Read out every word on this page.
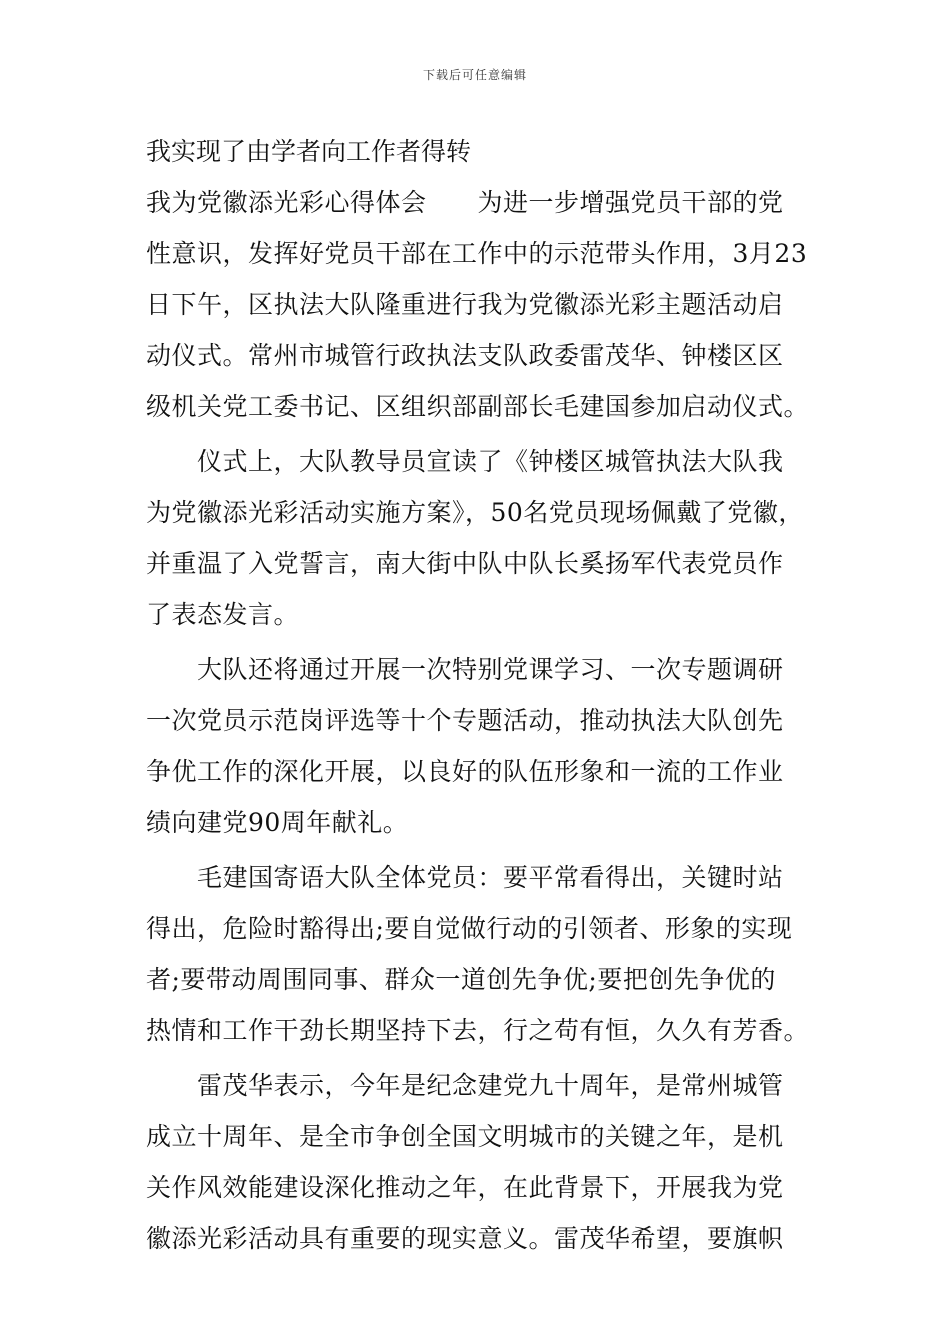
下载后可任意编辑
我实现了由学者向工作者得转
我为党徽添光彩心得体会　　为进一步增强党员干部的党
性意识，发挥好党员干部在工作中的示范带头作用，3月23
日下午，区执法大队隆重进行我为党徽添光彩主题活动启
动仪式。常州市城管行政执法支队政委雷茂华、钟楼区区
级机关党工委书记、区组织部副部长毛建国参加启动仪式。
　　仪式上，大队教导员宣读了《钟楼区城管执法大队我
为党徽添光彩活动实施方案》，50名党员现场佩戴了党徽，
并重温了入党誓言，南大街中队中队长奚扬军代表党员作
了表态发言。
　　大队还将通过开展一次特别党课学习、一次专题调研
一次党员示范岗评选等十个专题活动，推动执法大队创先
争优工作的深化开展，以良好的队伍形象和一流的工作业
绩向建党90周年献礼。
　　毛建国寄语大队全体党员：要平常看得出，关键时站
得出，危险时豁得出;要自觉做行动的引领者、形象的实现
者;要带动周围同事、群众一道创先争优;要把创先争优的
热情和工作干劲长期坚持下去，行之苟有恒，久久有芳香。
　　雷茂华表示，今年是纪念建党九十周年，是常州城管
成立十周年、是全市争创全国文明城市的关键之年，是机
关作风效能建设深化推动之年，在此背景下，开展我为党
徽添光彩活动具有重要的现实意义。雷茂华希望，要旗帜
